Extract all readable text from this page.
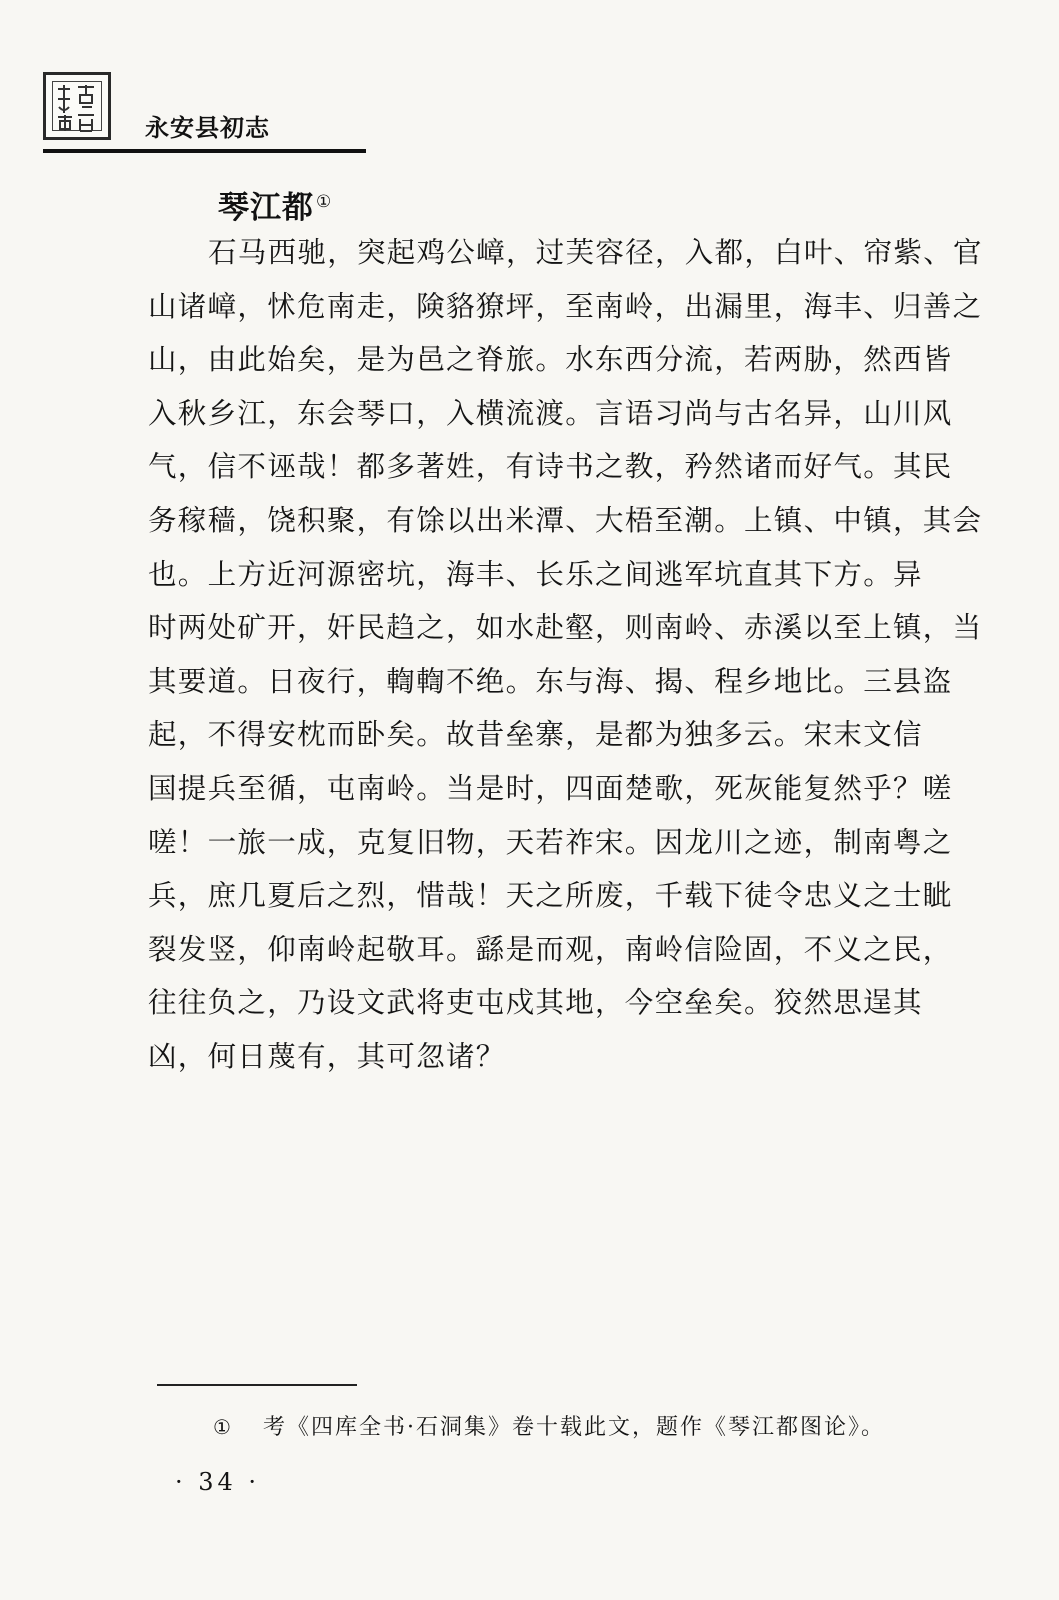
永安县初志
琴江都 ①
石马西驰，突起鸡公嶂，过芙容径，入都，白叶、帘紫、官
山诸嶂，怵危南走，険貉獠坪，至南岭，出漏里，海丰、归善之
山，由此始矣，是为邑之脊旅。水东西分流，若两胁，然西皆
入秋乡江，东会琴口，入横流渡。言语习尚与古名异，山川风
气，信不诬哉！都多著姓，有诗书之教，矜然诸而好气。其民
务稼穑，饶积聚，有馀以出米潭、大梧至潮。上镇、中镇，其会
也。上方近河源密坑，海丰、长乐之间逃军坑直其下方。异
时两处矿开，奸民趋之，如水赴壑，则南岭、赤溪以至上镇，当
其要道。日夜行，輷輷不绝。东与海、揭、程乡地比。三县盗
起，不得安枕而卧矣。故昔垒寨，是都为独多云。宋末文信
国提兵至循，屯南岭。当是时，四面楚歌，死灰能复然乎？嗟
嗟！一旅一成，克复旧物，天若祚宋。因龙川之迹，制南粤之
兵，庶几夏后之烈，惜哉！天之所废，千载下徒令忠义之士眦
裂发竖，仰南岭起敬耳。繇是而观，南岭信险固，不义之民，
往往负之，乃设文武将吏屯戍其地，今空垒矣。狡然思逞其
凶，何日蔑有，其可忽诸？
① 考《四库全书·石洞集》卷十载此文，题作《琴江都图论》。
· 34 ·
